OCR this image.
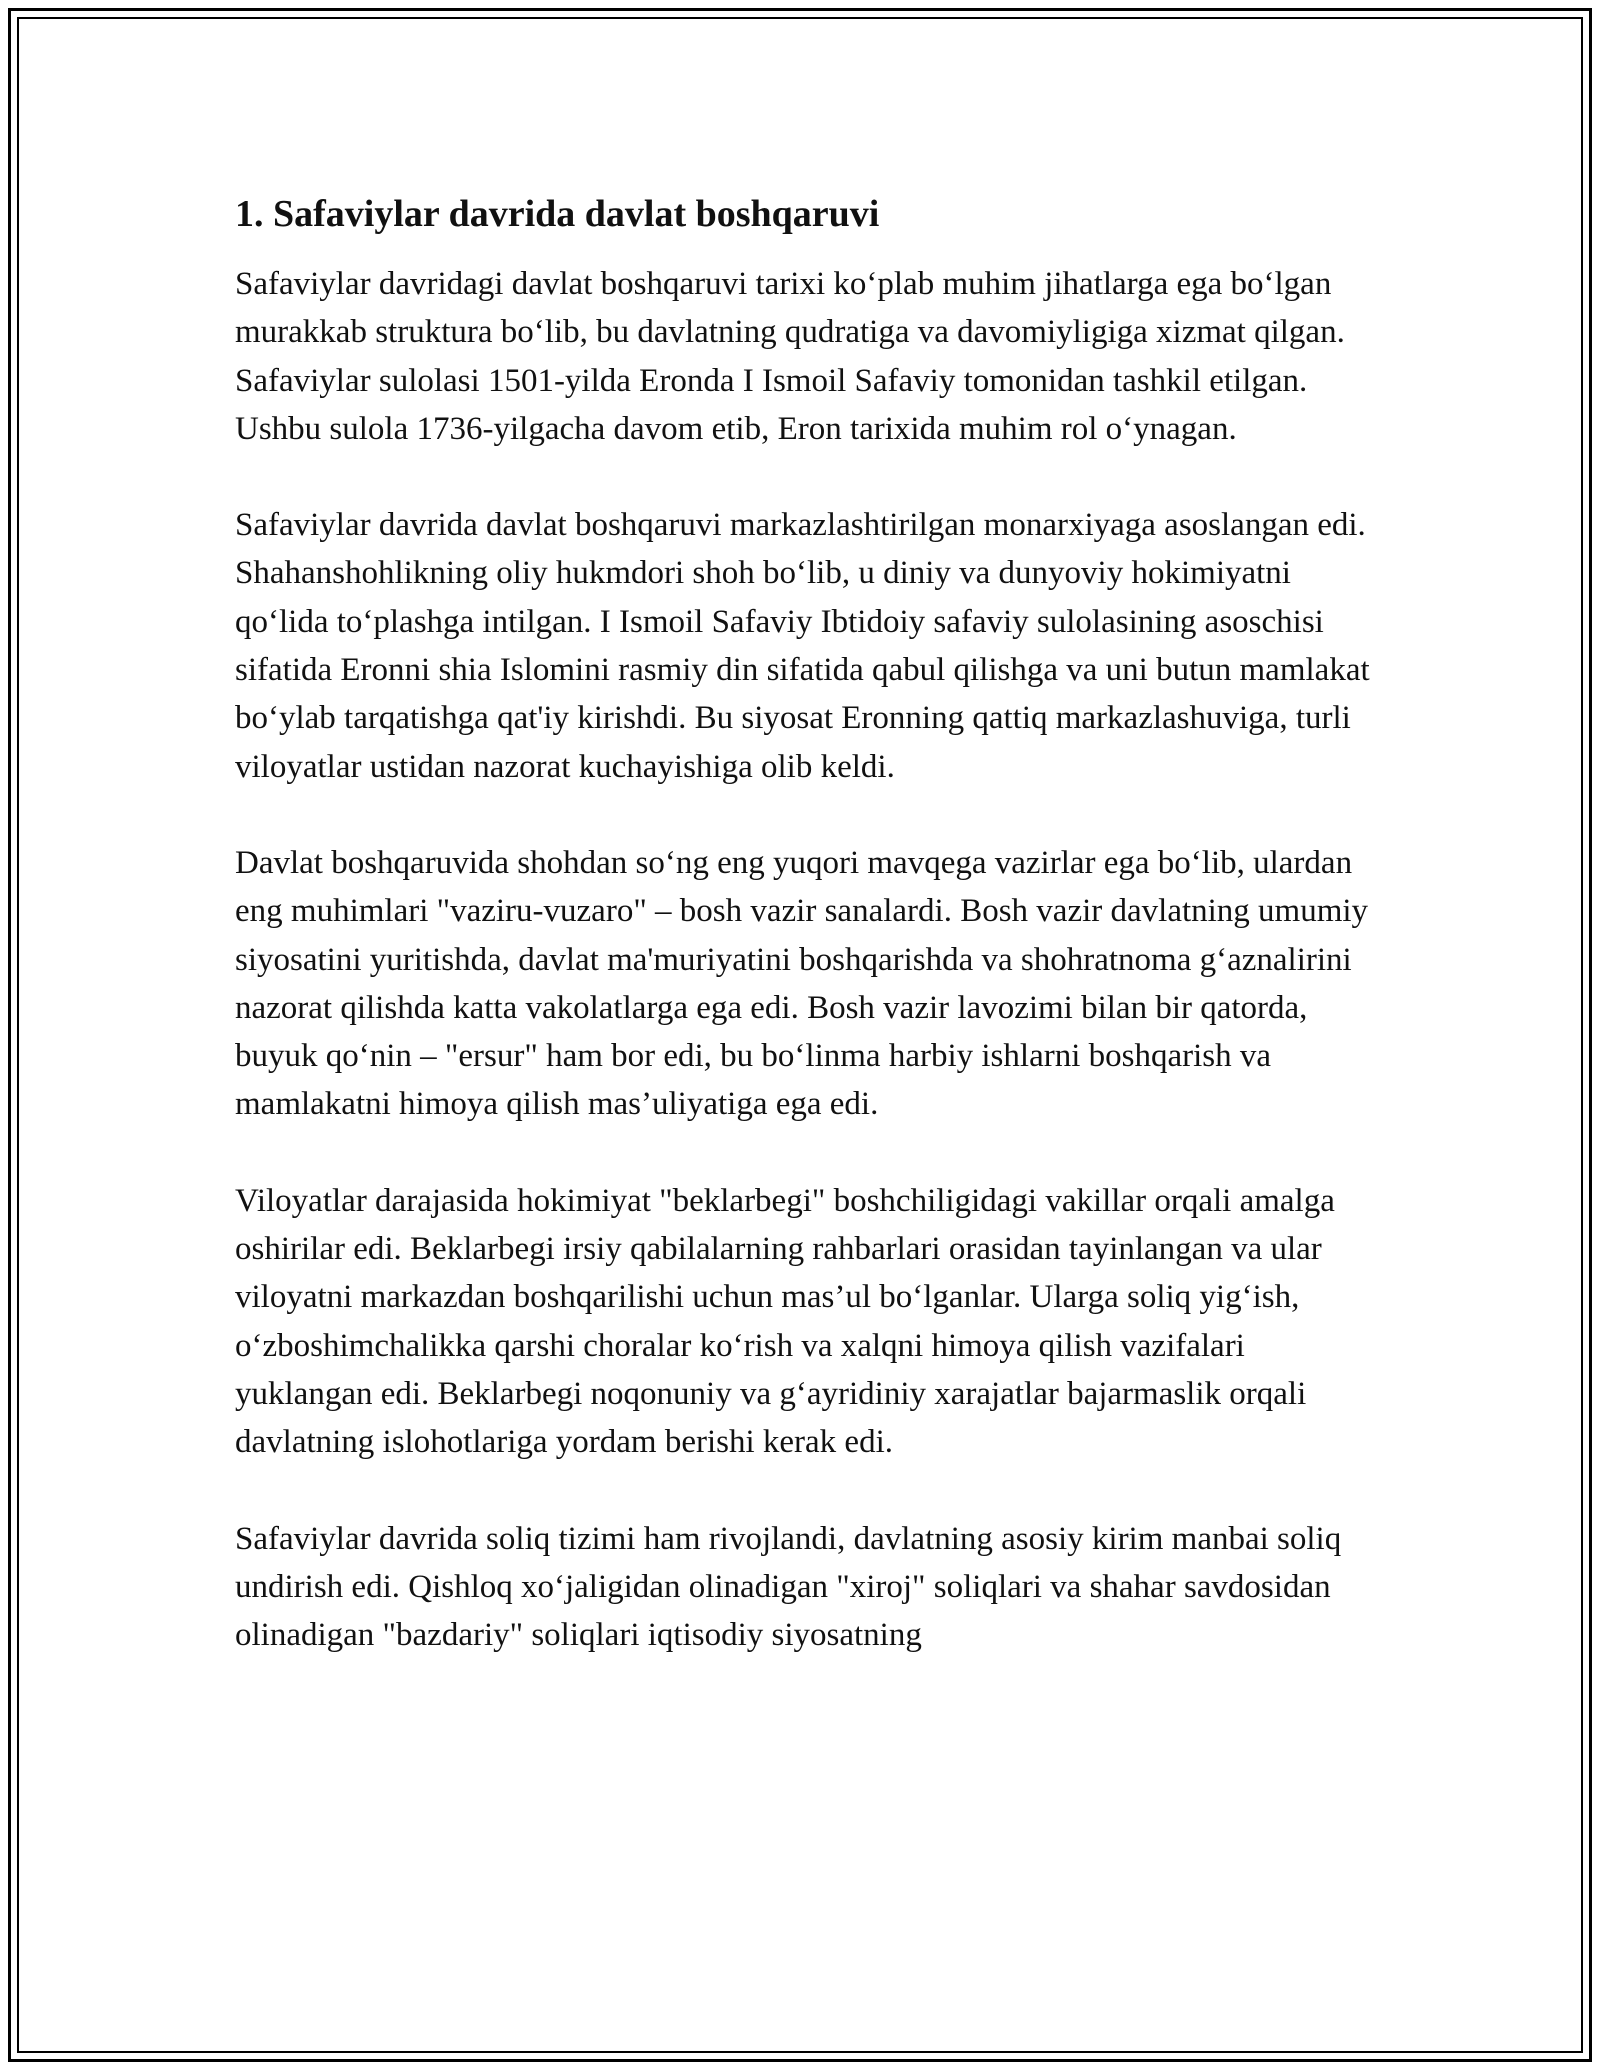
1. Safaviylar davrida davlat boshqaruvi

Safaviylar davridagi davlat boshqaruvi tarixi ko‘plab muhim jihatlarga ega bo‘lgan murakkab struktura bo‘lib, bu davlatning qudratiga va davomiyligiga xizmat qilgan. Safaviylar sulolasi 1501-yilda Eronda I Ismoil Safaviy tomonidan tashkil etilgan. Ushbu sulola 1736-yilgacha davom etib, Eron tarixida muhim rol o‘ynagan.

Safaviylar davrida davlat boshqaruvi markazlashtirilgan monarxiyaga asoslangan edi. Shahanshohlikning oliy hukmdori shoh bo‘lib, u diniy va dunyoviy hokimiyatni qo‘lida to‘plashga intilgan. I Ismoil Safaviy Ibtidoiy safaviy sulolasining asoschisi sifatida Eronni shia Islomini rasmiy din sifatida qabul qilishga va uni butun mamlakat bo‘ylab tarqatishga qat'iy kirishdi. Bu siyosat Eronning qattiq markazlashuviga, turli viloyatlar ustidan nazorat kuchayishiga olib keldi.

Davlat boshqaruvida shohdan so‘ng eng yuqori mavqega vazirlar ega bo‘lib, ulardan eng muhimlari "vaziru-vuzaro" – bosh vazir sanalardi. Bosh vazir davlatning umumiy siyosatini yuritishda, davlat ma'muriyatini boshqarishda va shohratnoma g‘aznalirini nazorat qilishda katta vakolatlarga ega edi. Bosh vazir lavozimi bilan bir qatorda, buyuk qo‘nin – "ersur" ham bor edi, bu bo‘linma harbiy ishlarni boshqarish va mamlakatni himoya qilish mas’uliyatiga ega edi.

Viloyatlar darajasida hokimiyat "beklarbegi" boshchiligidagi vakillar orqali amalga oshirilar edi. Beklarbegi irsiy qabilalarning rahbarlari orasidan tayinlangan va ular viloyatni markazdan boshqarilishi uchun mas’ul bo‘lganlar. Ularga soliq yig‘ish, o‘zboshimchalikka qarshi choralar ko‘rish va xalqni himoya qilish vazifalari yuklangan edi. Beklarbegi noqonuniy va g‘ayridiniy xarajatlar bajarmaslik orqali davlatning islohotlariga yordam berishi kerak edi.

Safaviylar davrida soliq tizimi ham rivojlandi, davlatning asosiy kirim manbai soliq undirish edi. Qishloq xo‘jaligidan olinadigan "xiroj" soliqlari va shahar savdosidan olinadigan "bazdariy" soliqlari iqtisodiy siyosatning
